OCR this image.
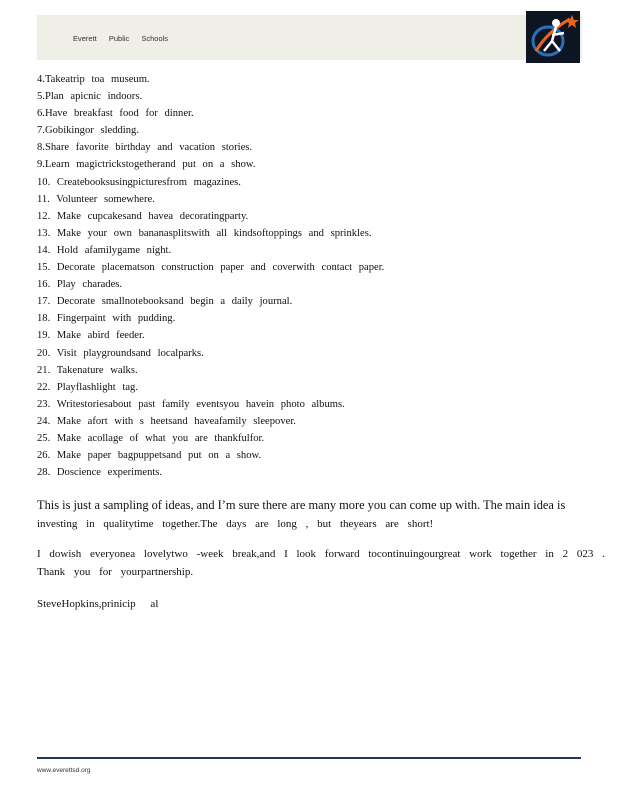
Everett Public Schools
4.Takeatrip toa museum.
5.Plan apicnic indoors.
6.Have breakfast food for dinner.
7.Gobikingor sledding.
8.Share favorite birthday and vacation stories.
9.Learn magictrickstogetherand put on a show.
10. Createbooksusingpicturesfrom magazines.
11. Volunteer somewhere.
12. Make cupcakesand havea decoratingparty.
13. Make your own bananasplitswith all kindsoftoppings and sprinkles.
14. Hold afamilygame night.
15. Decorate placematson construction paper and coverwith contact paper.
16. Play charades.
17. Decorate smallnotebooksand begin a daily journal.
18. Fingerpaint with pudding.
19. Make abird feeder.
20. Visit playgroundsand localparks.
21. Takenature walks.
22. Playflashlight tag.
23. Writestoriesabout past family eventsyou havein photo albums.
24. Make afort with s heetsand haveafamily sleepover.
25. Make acollage of what you are thankfulfor.
26. Make paper bagpuppetsand put on a show.
28. Doscience experiments.
This is just a sampling of ideas, and I’m sure there are many more you can come up with. The main idea is
investing in qualitytime together.The days are long , but theyears are short!
I dowish everyonea lovelytwo -week break,and I look forward tocontinuingourgreat work together in 2 023 .
Thank you for yourpartnership.
SteveHopkins,prinicip al
www.everettsd.org
